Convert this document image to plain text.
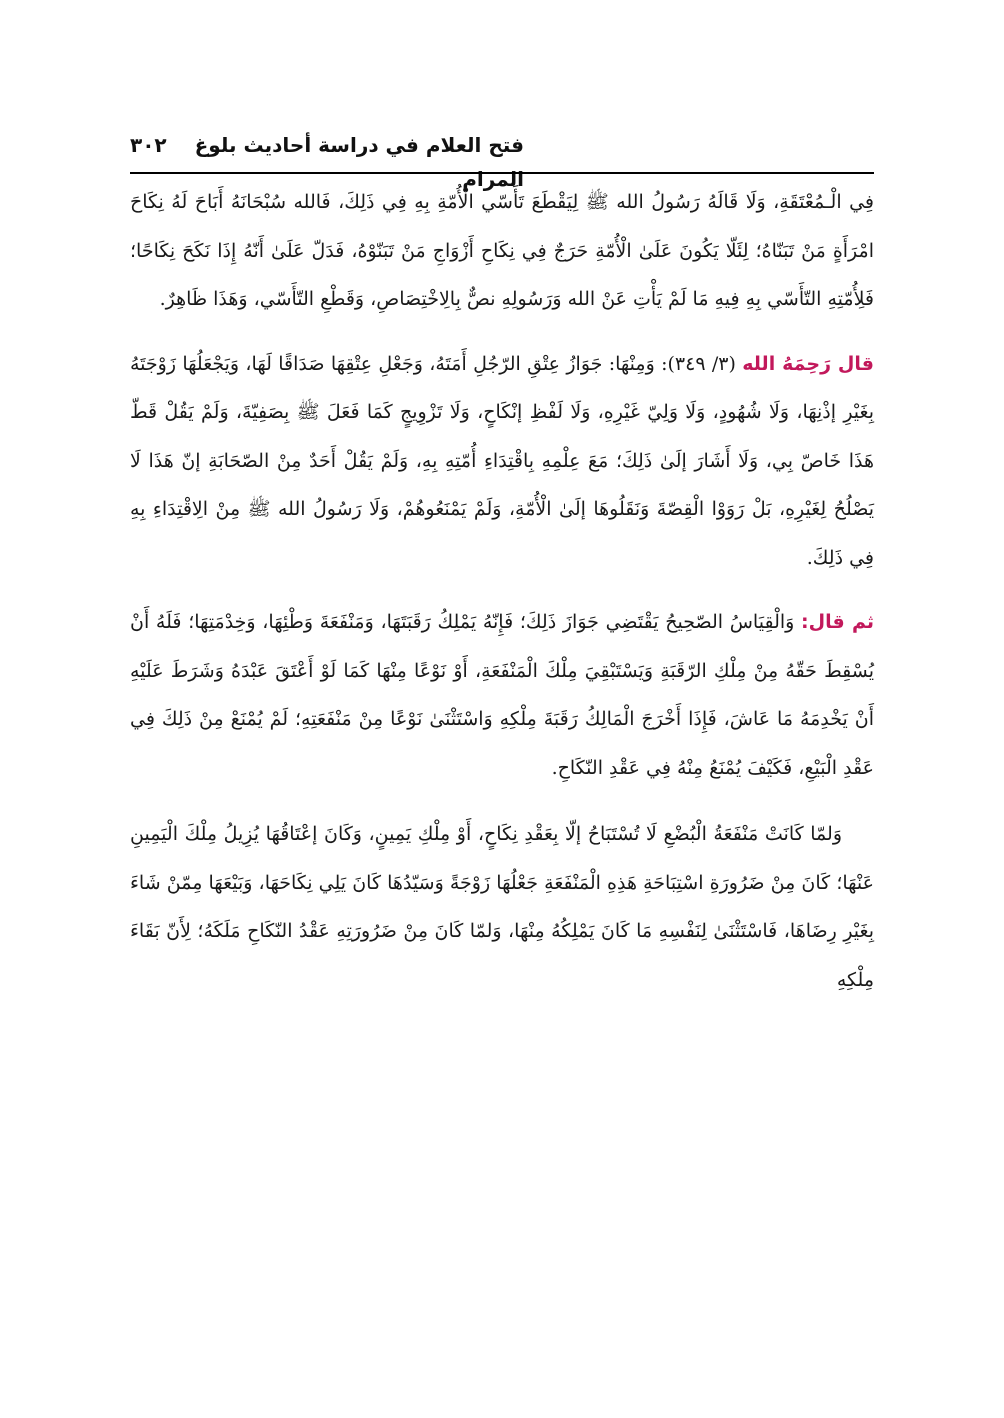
فتح العلام في دراسة أحاديث بلوغ المرام
٣٠٢

فِي الْـمُعْتَقَةِ، وَلَا قَالَهُ رَسُولُ الله ﷺ لِيَقْطَعَ تَأَسّي الْأُمّةِ بِهِ فِي ذَلِكَ، فَالله سُبْحَانَهُ أَبَاحَ لَهُ نِكَاحَ امْرَأَةٍ مَنْ تَبَنّاهُ؛ لِئَلّا يَكُونَ عَلَىٰ الْأُمّةِ حَرَجٌ فِي نِكَاحِ أَزْوَاجِ مَنْ تَبَنّوْهُ، فَدَلّ عَلَىٰ أَنّهُ إِذَا نَكَحَ نِكَاحًا؛ فَلِأُمّتِهِ التّأَسّي بِهِ فِيهِ مَا لَمْ يَأْتِ عَنْ الله وَرَسُولِهِ نصٌّ بِالِاخْتِصَاصِ، وَقَطْعِ التّأَسّي، وَهَذَا ظَاهِرٌ.

قال رَحِمَهُ الله (٣/ ٣٤٩): وَمِنْهَا: جَوَازُ عِتْقِ الرّجُلِ أَمَتَهُ، وَجَعْلِ عِتْقِهَا صَدَاقًا لَهَا، وَيَجْعَلُهَا زَوْجَتَهُ بِغَيْرِ إذْنِهَا، وَلَا شُهُودٍ، وَلَا وَلِيّ غَيْرِهِ، وَلَا لَفْظِ إنْكَاحٍ، وَلَا تَزْوِيجٍ كَمَا فَعَلَ ﷺ بِصَفِيّةَ، وَلَمْ يَقُلْ قَطّ هَذَا خَاصّ بِي، وَلَا أَشَارَ إلَىٰ ذَلِكَ؛ مَعَ عِلْمِهِ بِاقْتِدَاءِ أُمّتِهِ بِهِ، وَلَمْ يَقُلْ أَحَدٌ مِنْ الصّحَابَةِ إنّ هَذَا لَا يَصْلُحُ لِغَيْرِهِ، بَلْ رَوَوْا الْقِصّةَ وَنَقَلُوهَا إلَىٰ الْأُمّةِ، وَلَمْ يَمْنَعُوهُمْ، وَلَا رَسُولُ الله ﷺ مِنْ الِاقْتِدَاءِ بِهِ فِي ذَلِكَ.

ثم قال: وَالْقِيَاسُ الصّحِيحُ يَقْتَضِي جَوَازَ ذَلِكَ؛ فَإِنّهُ يَمْلِكُ رَقَبَتَهَا، وَمَنْفَعَةَ وَطْئِهَا، وَخِدْمَتِهَا؛ فَلَهُ أَنْ يُسْقِطَ حَقّهُ مِنْ مِلْكِ الرّقَبَةِ وَيَسْتَبْقِيَ مِلْكَ الْمَنْفَعَةِ، أَوْ نَوْعًا مِنْهَا كَمَا لَوْ أَعْتَقَ عَبْدَهُ وَشَرَطَ عَلَيْهِ أَنْ يَخْدِمَهُ مَا عَاشَ، فَإِذَا أَخْرَجَ الْمَالِكُ رَقَبَةَ مِلْكِهِ وَاسْتَثْنَىٰ نَوْعًا مِنْ مَنْفَعَتِهِ؛ لَمْ يُمْنَعْ مِنْ ذَلِكَ فِي عَقْدِ الْبَيْعِ، فَكَيْفَ يُمْنَعُ مِنْهُ فِي عَقْدِ النّكَاحِ.

وَلمّا كَانَتْ مَنْفَعَةُ الْبُضْعِ لَا تُسْتَبَاحُ إلّا بِعَقْدِ نِكَاحٍ، أَوْ مِلْكِ يَمِينٍ، وَكَانَ إعْتَاقُهَا يُزِيلُ مِلْكَ الْيَمِينِ عَنْهَا؛ كَانَ مِنْ ضَرُورَةِ اسْتِبَاحَةِ هَذِهِ الْمَنْفَعَةِ جَعْلُهَا زَوْجَةً وَسَيّدُهَا كَانَ يَلِي نِكَاحَهَا، وَبَيْعَهَا مِمّنْ شَاءَ بِغَيْرِ رِضَاهَا، فَاسْتَثْنَىٰ لِنَفْسِهِ مَا كَانَ يَمْلِكُهُ مِنْهَا، وَلمّا كَانَ مِنْ ضَرُورَتِهِ عَقْدُ النّكَاحِ مَلَكَهُ؛ لِأَنّ بَقَاءَ مِلْكِهِ
